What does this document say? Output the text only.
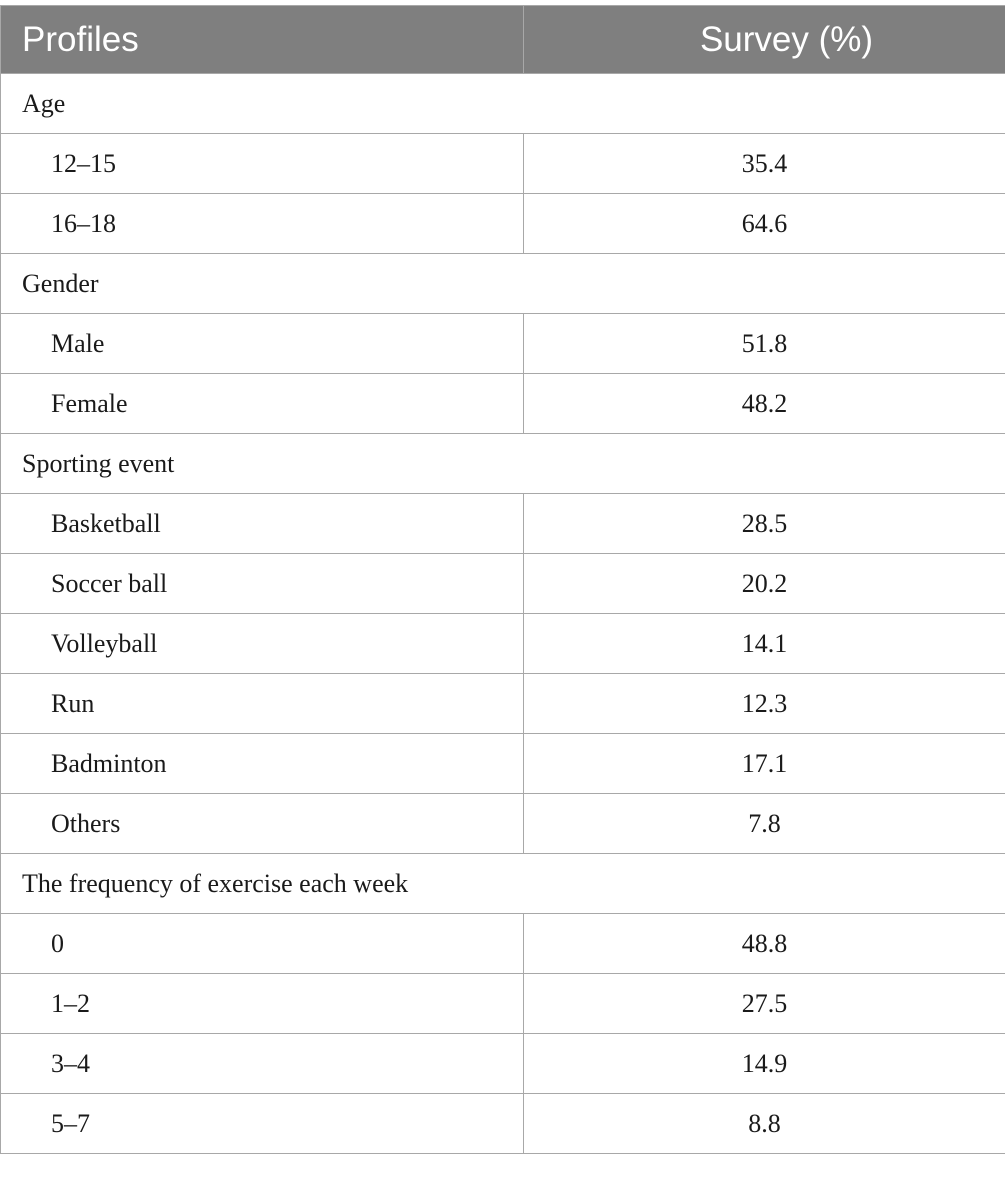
Profiles	Survey (%)
Age	
12–15	35.4
16–18	64.6
Gender	
Male	51.8
Female	48.2
Sporting event	
Basketball	28.5
Soccer ball	20.2
Volleyball	14.1
Run	12.3
Badminton	17.1
Others	7.8
The frequency of exercise each week	
0	48.8
1–2	27.5
3–4	14.9
5–7	8.8
